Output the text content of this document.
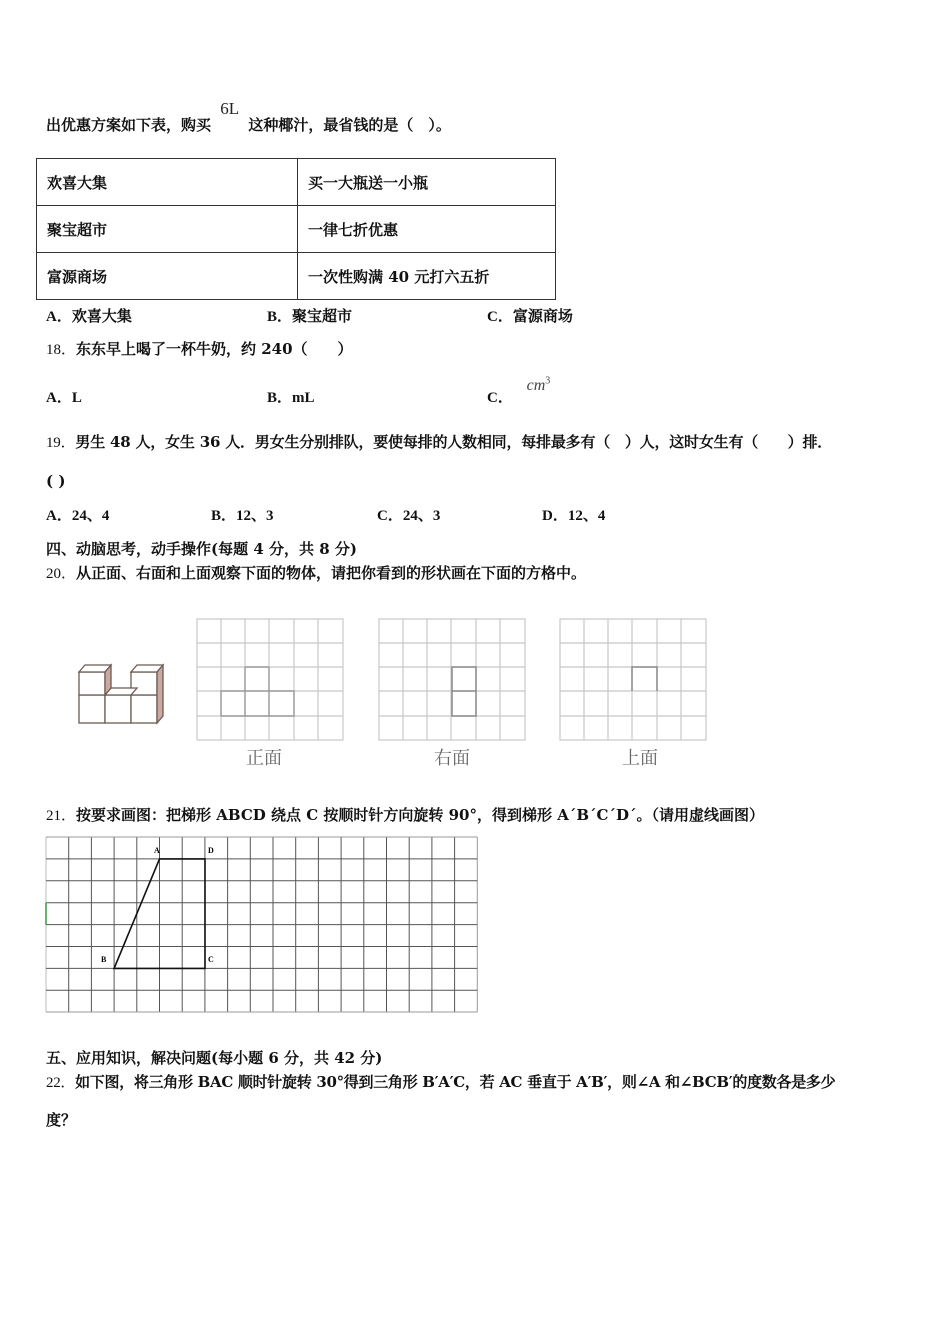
出优惠方案如下表，购买 6L 这种椰汁，最省钱的是（　）。
欢喜大集	买一大瓶送一小瓶
聚宝超市	一律七折优惠
富源商场	一次性购满 40 元打六五折
A．欢喜大集	B．聚宝超市	C．富源商场
18．东东早上喝了一杯牛奶，约 240（　　）
A．L	B．mL	C． $cm^3$
19．男生 48 人，女生 36 人．男女生分别排队，要使每排的人数相同，每排最多有（　）人，这时女生有（　　）排．
( )
A．24、4	B．12、3	C．24、3	D．12、4
四、动脑思考，动手操作(每题 4 分，共 8 分)
20．从正面、右面和上面观察下面的物体，请把你看到的形状画在下面的方格中。
正面	右面	上面
21．按要求画图：把梯形 ABCD 绕点 C 按顺时针方向旋转 90°，得到梯形 A´B´C´D´。（请用虚线画图）
A	D
B	C
五、应用知识，解决问题(每小题 6 分，共 42 分)
22．如下图，将三角形 BAC 顺时针旋转 30°得到三角形 B′A′C，若 AC 垂直于 A′B′，则∠A 和∠BCB′的度数各是多少
度？
